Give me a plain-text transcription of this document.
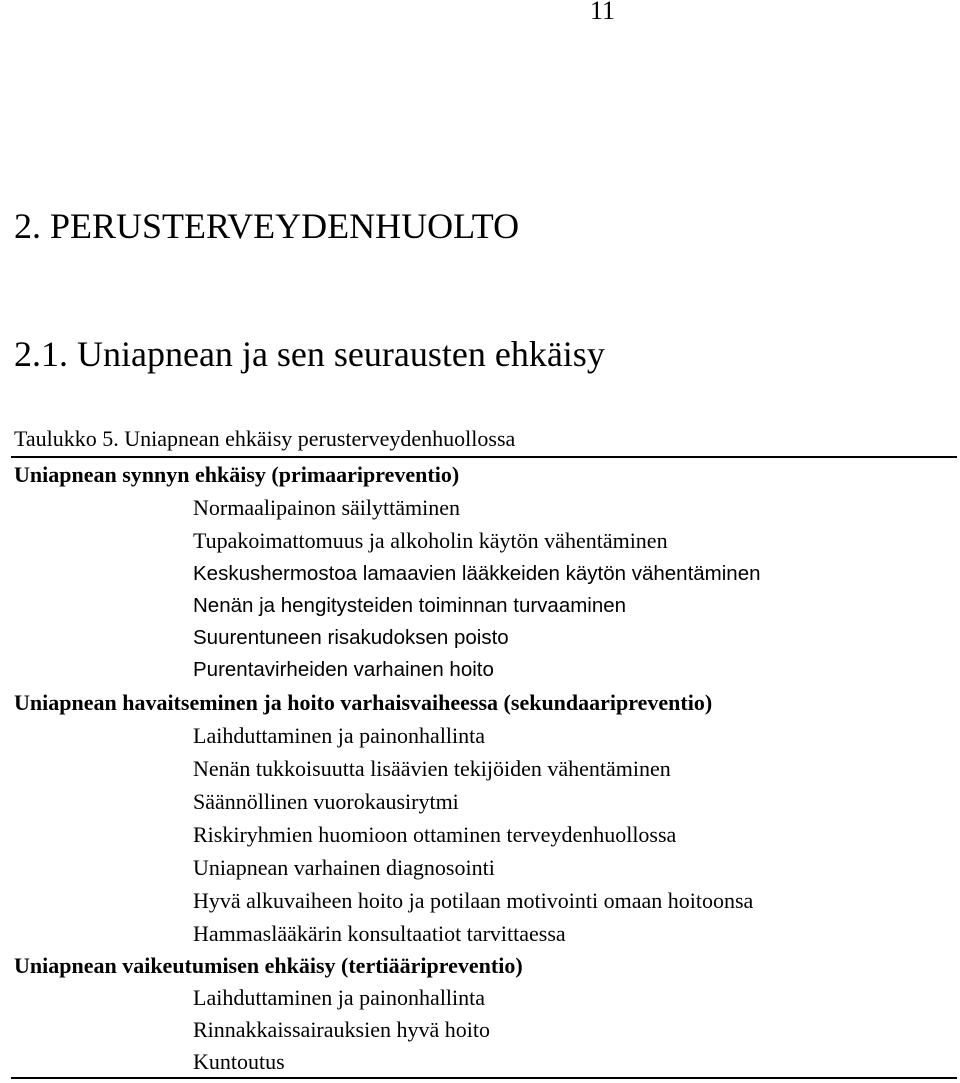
11
2. PERUSTERVEYDENHUOLTO
2.1. Uniapnean ja sen seurausten ehkäisy
Taulukko 5. Uniapnean ehkäisy perusterveydenhuollossa
Uniapnean synnyn ehkäisy (primaaripreventio)
Normaalipainon säilyttäminen
Tupakoimattomuus ja alkoholin käytön vähentäminen
Keskushermostoa lamaavien lääkkeiden käytön vähentäminen
Nenän ja hengitysteiden toiminnan turvaaminen
Suurentuneen risakudoksen poisto
Purentavirheiden varhainen hoito
Uniapnean havaitseminen ja hoito varhaisvaiheessa (sekundaaripreventio)
Laihduttaminen ja painonhallinta
Nenän tukkoisuutta lisäävien tekijöiden vähentäminen
Säännöllinen vuorokausirytmi
Riskiryhmien huomioon ottaminen terveydenhuollossa
Uniapnean varhainen diagnosointi
Hyvä alkuvaiheen hoito ja potilaan motivointi omaan hoitoonsa
Hammaslääkärin konsultaatiot tarvittaessa
Uniapnean vaikeutumisen ehkäisy (tertiääripreventio)
Laihduttaminen ja painonhallinta
Rinnakkaissairauksien hyvä hoito
Kuntoutus
